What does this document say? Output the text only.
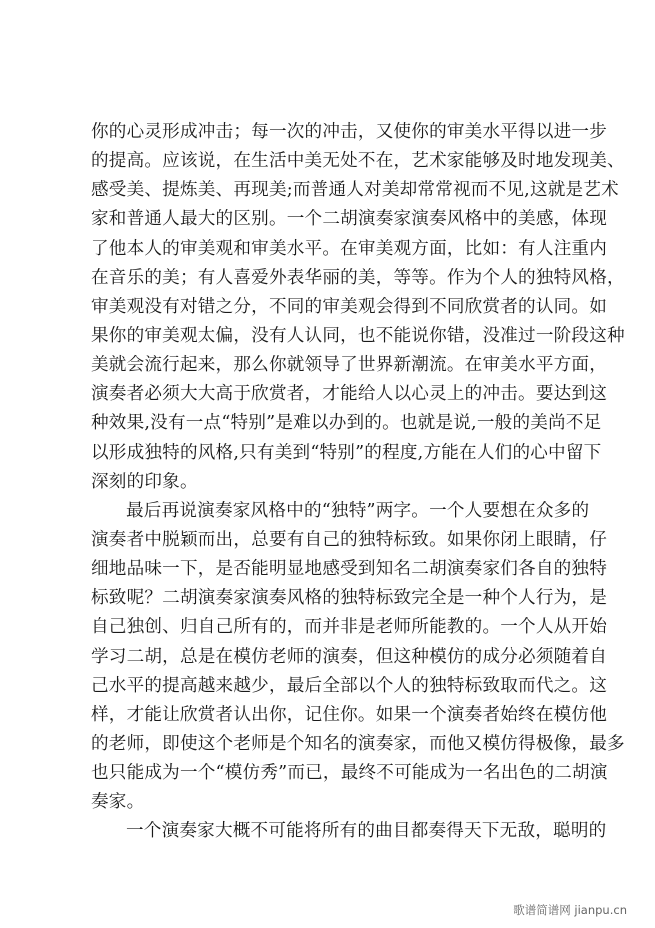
你的心灵形成冲击；每一次的冲击，又使你的审美水平得以进一步
的提高。应该说，在生活中美无处不在，艺术家能够及时地发现美、
感受美、提炼美、再现美;而普通人对美却常常视而不见,这就是艺术
家和普通人最大的区别。一个二胡演奏家演奏风格中的美感，体现
了他本人的审美观和审美水平。在审美观方面，比如：有人注重内
在音乐的美；有人喜爱外表华丽的美，等等。作为个人的独特风格，
审美观没有对错之分，不同的审美观会得到不同欣赏者的认同。如
果你的审美观太偏，没有人认同，也不能说你错，没准过一阶段这种
美就会流行起来，那么你就领导了世界新潮流。在审美水平方面，
演奏者必须大大高于欣赏者，才能给人以心灵上的冲击。要达到这
种效果,没有一点“特别”是难以办到的。也就是说,一般的美尚不足
以形成独特的风格,只有美到“特别”的程度,方能在人们的心中留下
深刻的印象。
最后再说演奏家风格中的“独特”两字。一个人要想在众多的
演奏者中脱颖而出，总要有自己的独特标致。如果你闭上眼睛，仔
细地品味一下，是否能明显地感受到知名二胡演奏家们各自的独特
标致呢？二胡演奏家演奏风格的独特标致完全是一种个人行为，是
自己独创、归自己所有的，而并非是老师所能教的。一个人从开始
学习二胡，总是在模仿老师的演奏，但这种模仿的成分必须随着自
己水平的提高越来越少，最后全部以个人的独特标致取而代之。这
样，才能让欣赏者认出你，记住你。如果一个演奏者始终在模仿他
的老师，即使这个老师是个知名的演奏家，而他又模仿得极像，最多
也只能成为一个“模仿秀”而已，最终不可能成为一名出色的二胡演
奏家。
一个演奏家大概不可能将所有的曲目都奏得天下无敌，聪明的
歌谱简谱网 jianpu.cn
